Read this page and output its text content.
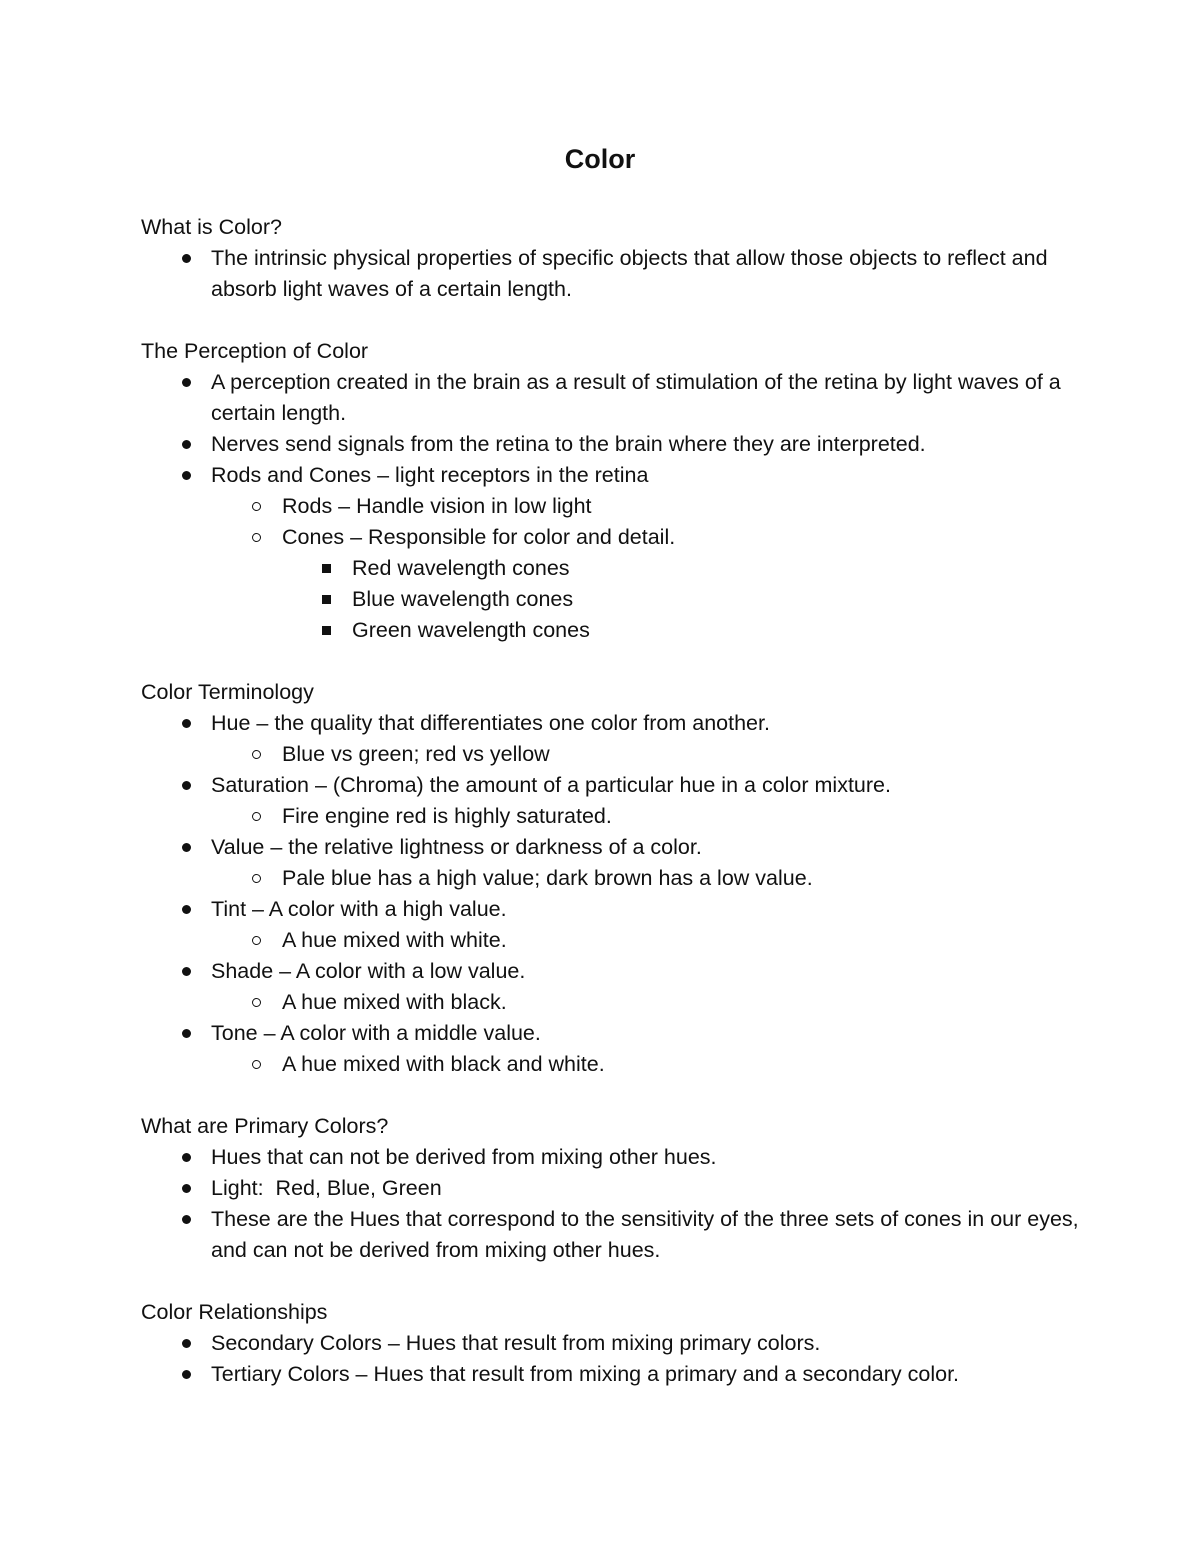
Color

What is Color?

The intrinsic physical properties of specific objects that allow those objects to reflect and absorb light waves of a certain length.

The Perception of Color

A perception created in the brain as a result of stimulation of the retina by light waves of a certain length.
Nerves send signals from the retina to the brain where they are interpreted.
Rods and Cones – light receptors in the retina
Rods – Handle vision in low light
Cones – Responsible for color and detail.
Red wavelength cones
Blue wavelength cones
Green wavelength cones

Color Terminology

Hue – the quality that differentiates one color from another.
Blue vs green; red vs yellow
Saturation – (Chroma) the amount of a particular hue in a color mixture.
Fire engine red is highly saturated.
Value – the relative lightness or darkness of a color.
Pale blue has a high value; dark brown has a low value.
Tint – A color with a high value.
A hue mixed with white.
Shade – A color with a low value.
A hue mixed with black.
Tone – A color with a middle value.
A hue mixed with black and white.

What are Primary Colors?

Hues that can not be derived from mixing other hues.
Light:  Red, Blue, Green
These are the Hues that correspond to the sensitivity of the three sets of cones in our eyes, and can not be derived from mixing other hues.

Color Relationships

Secondary Colors – Hues that result from mixing primary colors.
Tertiary Colors – Hues that result from mixing a primary and a secondary color.
